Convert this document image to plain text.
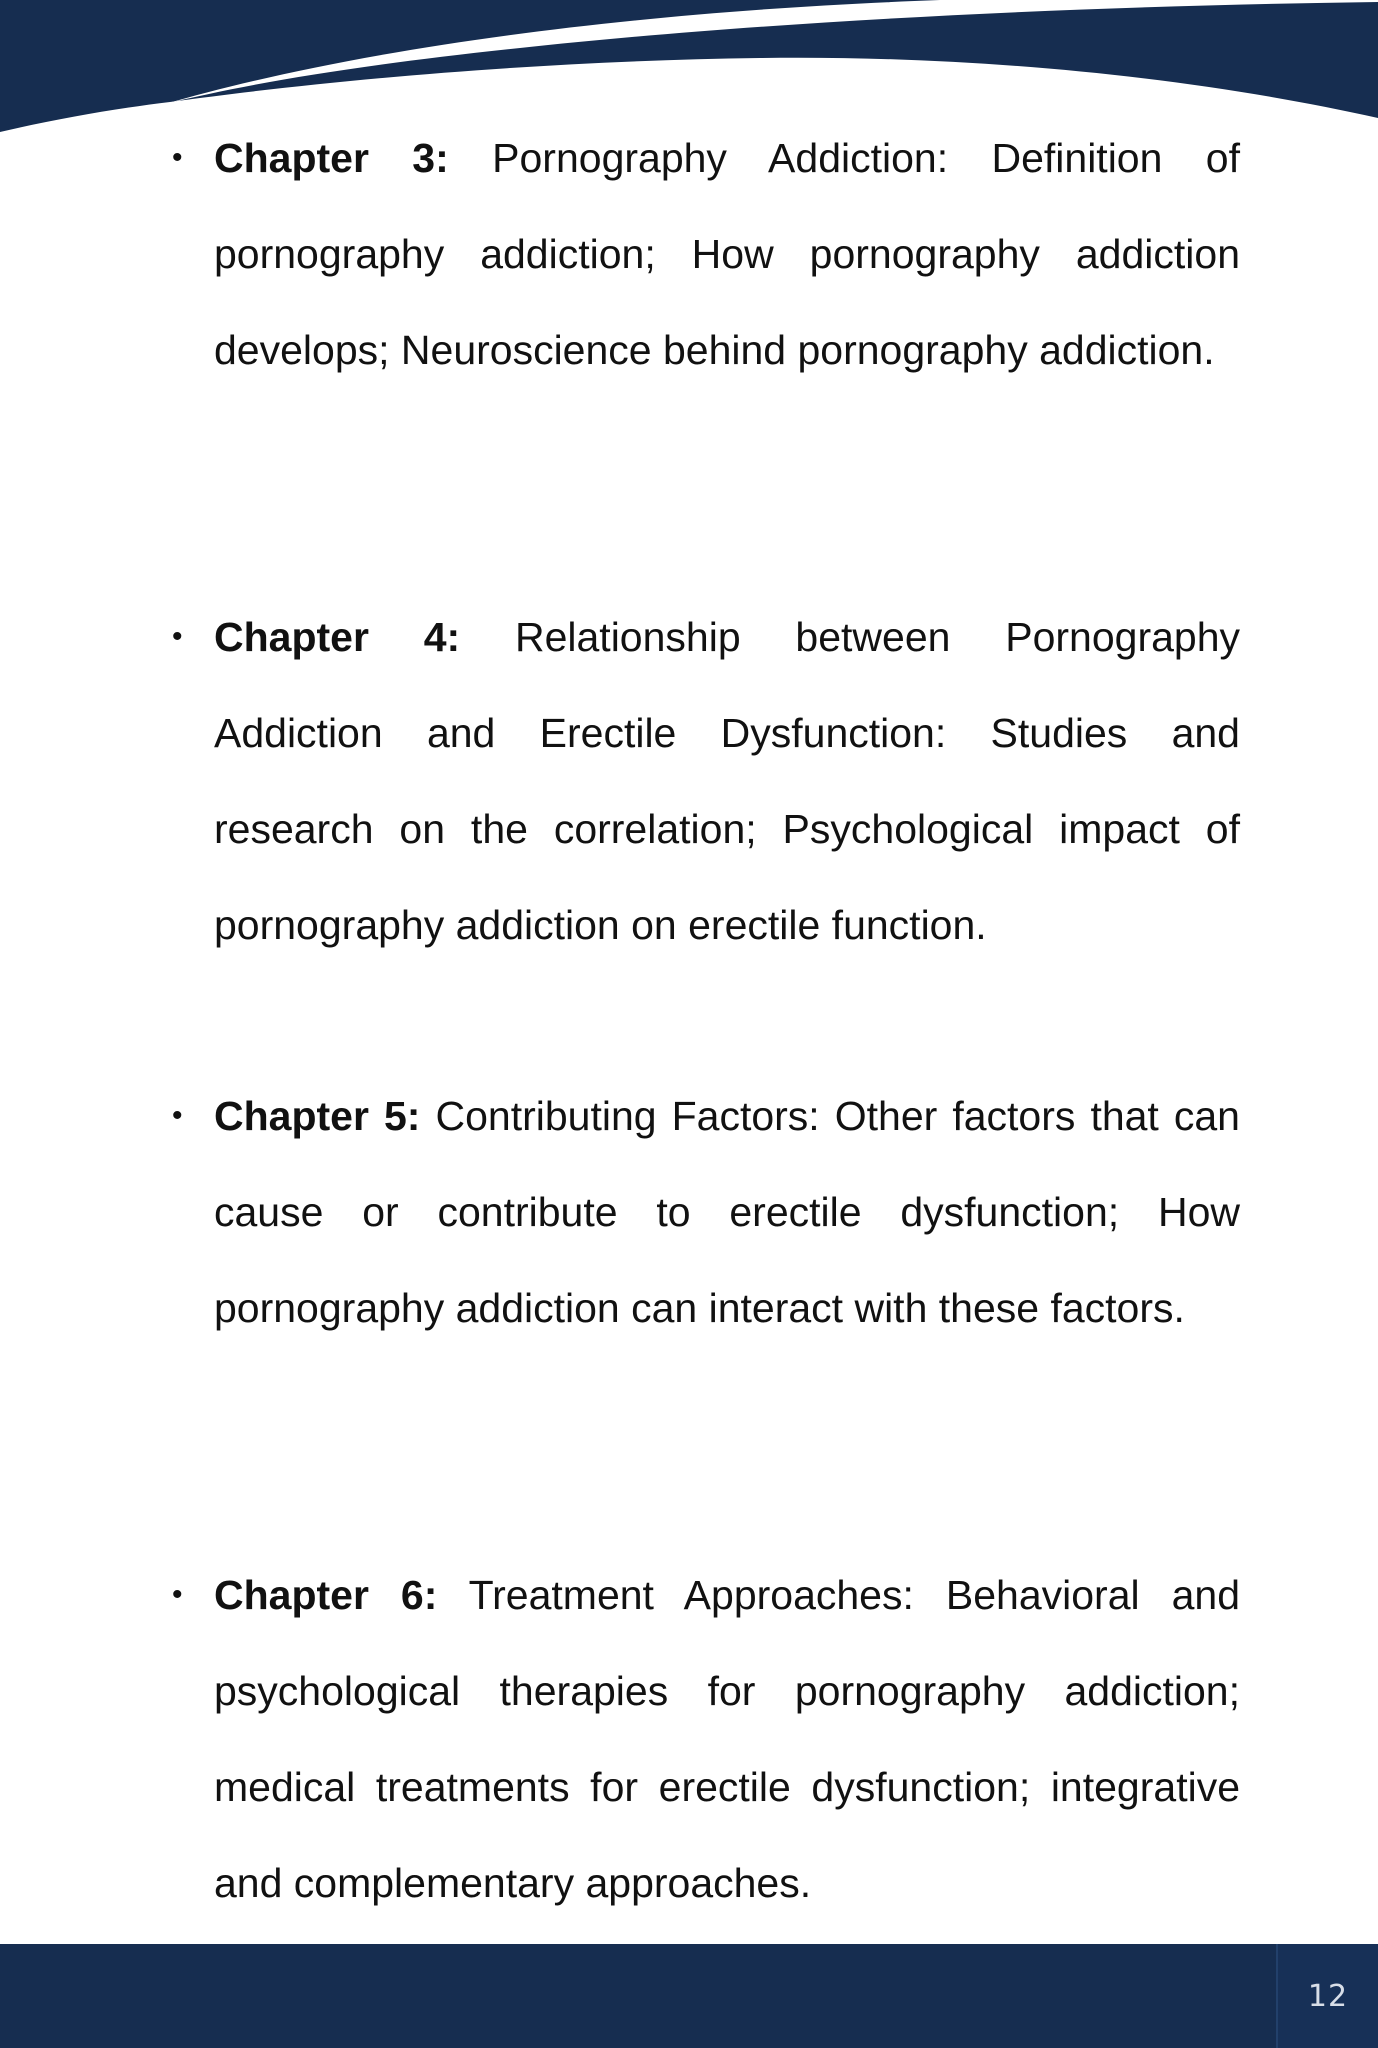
• Chapter 3: Pornography Addiction: Definition of pornography addiction; How pornography addiction develops; Neuroscience behind pornography addiction.

• Chapter 4: Relationship between Pornography Addiction and Erectile Dysfunction: Studies and research on the correlation; Psychological impact of pornography addiction on erectile function.

• Chapter 5: Contributing Factors: Other factors that can cause or contribute to erectile dysfunction; How pornography addiction can interact with these factors.

• Chapter 6: Treatment Approaches: Behavioral and psychological therapies for pornography addiction; medical treatments for erectile dysfunction; integrative and complementary approaches.

12
